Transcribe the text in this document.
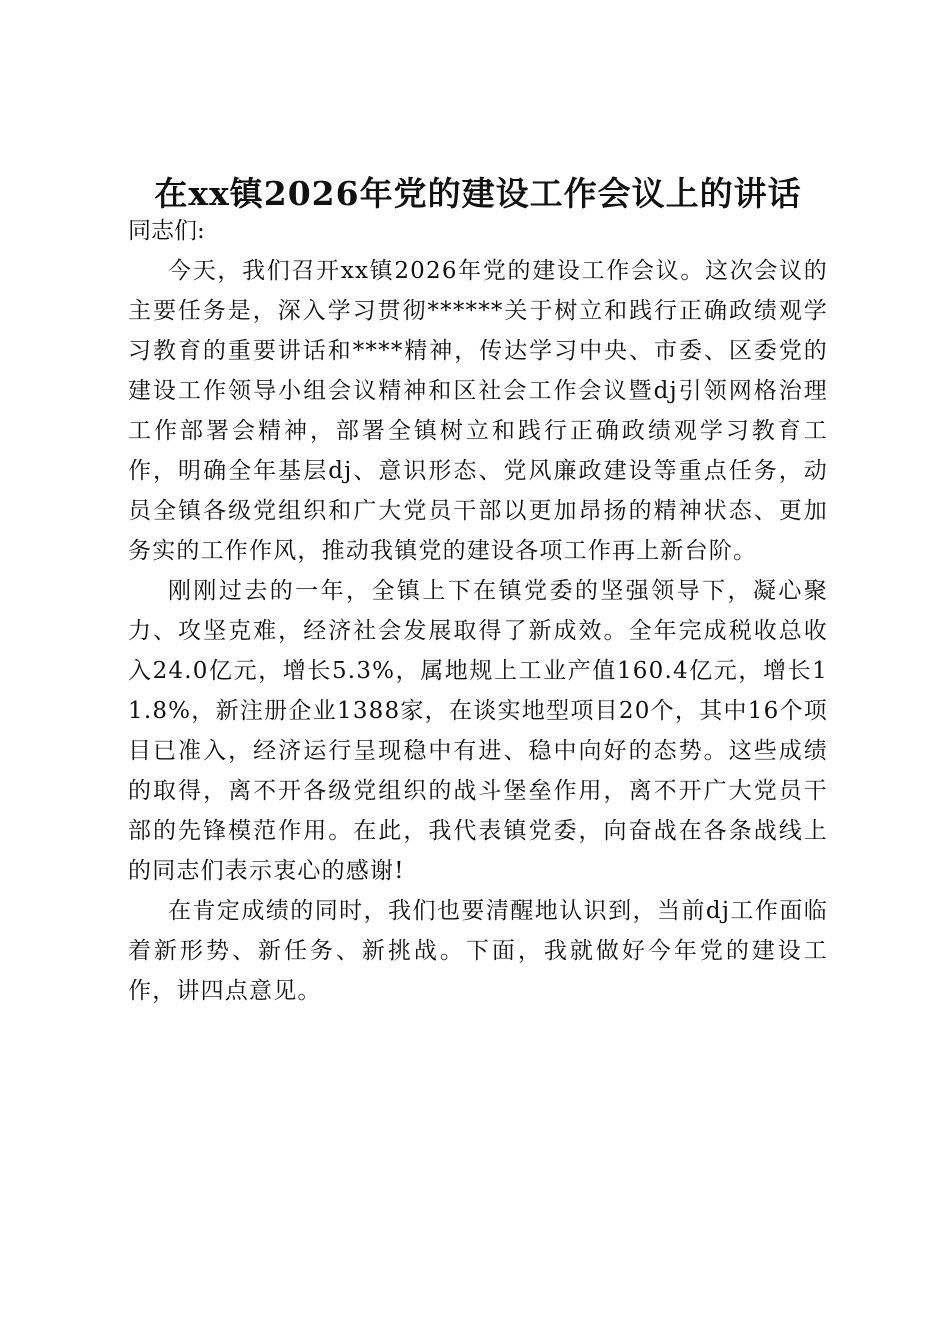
在xx镇2026年党的建设工作会议上的讲话

同志们:

今天，我们召开xx镇2026年党的建设工作会议。这次会议的主要任务是，深入学习贯彻******关于树立和践行正确政绩观学习教育的重要讲话和****精神，传达学习中央、市委、区委党的建设工作领导小组会议精神和区社会工作会议暨dj引领网格治理工作部署会精神，部署全镇树立和践行正确政绩观学习教育工作，明确全年基层dj、意识形态、党风廉政建设等重点任务，动员全镇各级党组织和广大党员干部以更加昂扬的精神状态、更加务实的工作作风，推动我镇党的建设各项工作再上新台阶。

刚刚过去的一年，全镇上下在镇党委的坚强领导下，凝心聚力、攻坚克难，经济社会发展取得了新成效。全年完成税收总收入24.0亿元，增长5.3%，属地规上工业产值160.4亿元，增长11.8%，新注册企业1388家，在谈实地型项目20个，其中16个项目已准入，经济运行呈现稳中有进、稳中向好的态势。这些成绩的取得，离不开各级党组织的战斗堡垒作用，离不开广大党员干部的先锋模范作用。在此，我代表镇党委，向奋战在各条战线上的同志们表示衷心的感谢!

在肯定成绩的同时，我们也要清醒地认识到，当前dj工作面临着新形势、新任务、新挑战。下面，我就做好今年党的建设工作，讲四点意见。
